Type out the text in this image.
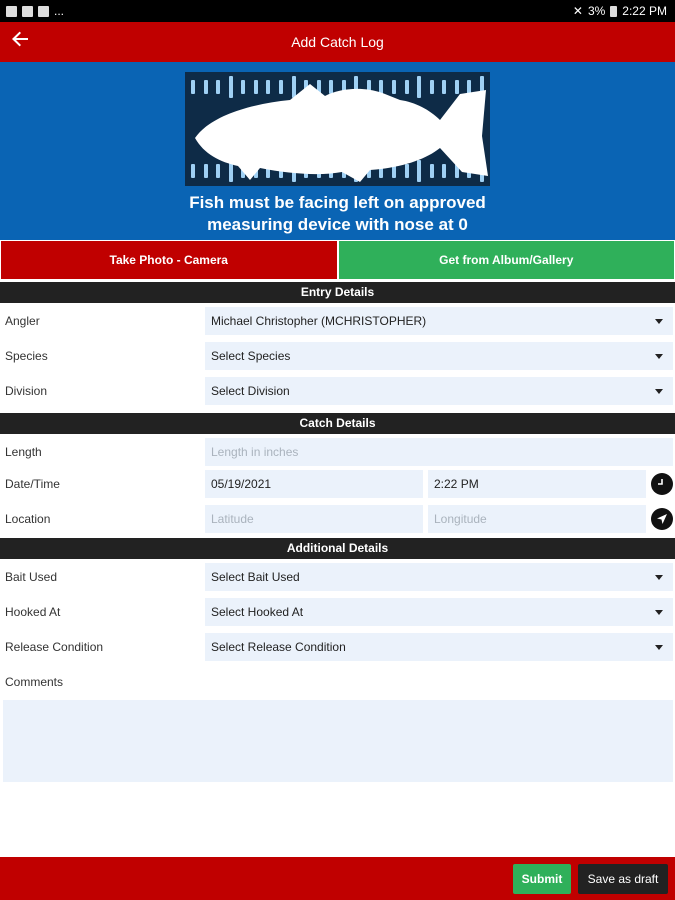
...	✕ 3% 2:22 PM
Add Catch Log
Fish must be facing left on approved measuring device with nose at 0
Take Photo - Camera	Get from Album/Gallery
Entry Details
Angler	Michael Christopher (MCHRISTOPHER)
Species	Select Species
Division	Select Division
Catch Details
Length	Length in inches
Date/Time	05/19/2021	2:22 PM
Location	Latitude	Longitude
Additional Details
Bait Used	Select Bait Used
Hooked At	Select Hooked At
Release Condition	Select Release Condition
Comments
Submit	Save as draft
